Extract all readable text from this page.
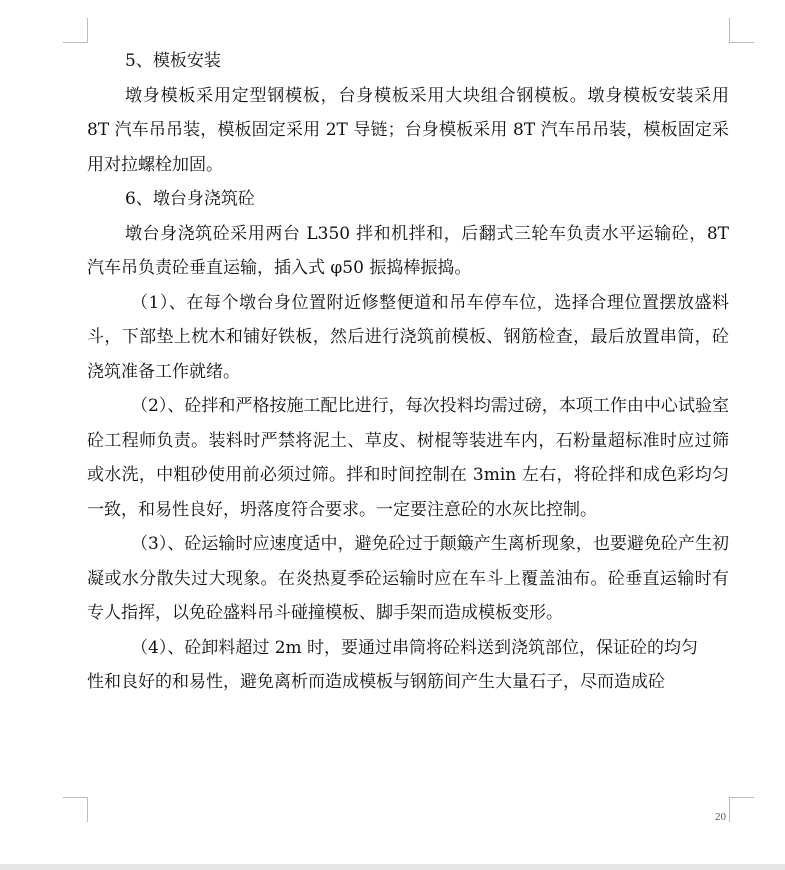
5、模板安装

墩身模板采用定型钢模板，台身模板采用大块组合钢模板。墩身模板安装采用 8T 汽车吊吊装，模板固定采用 2T 导链；台身模板采用 8T 汽车吊吊装，模板固定采用对拉螺栓加固。

6、墩台身浇筑砼

墩台身浇筑砼采用两台 L350 拌和机拌和，后翻式三轮车负责水平运输砼，8T 汽车吊负责砼垂直运输，插入式 φ50 振捣棒振捣。

（1）、在每个墩台身位置附近修整便道和吊车停车位，选择合理位置摆放盛料斗，下部垫上枕木和铺好铁板，然后进行浇筑前模板、钢筋检查，最后放置串筒，砼浇筑准备工作就绪。

（2）、砼拌和严格按施工配比进行，每次投料均需过磅，本项工作由中心试验室砼工程师负责。装料时严禁将泥土、草皮、树棍等装进车内，石粉量超标准时应过筛或水洗，中粗砂使用前必须过筛。拌和时间控制在 3min 左右，将砼拌和成色彩均匀一致，和易性良好，坍落度符合要求。一定要注意砼的水灰比控制。

（3）、砼运输时应速度适中，避免砼过于颠簸产生离析现象，也要避免砼产生初凝或水分散失过大现象。在炎热夏季砼运输时应在车斗上覆盖油布。砼垂直运输时有专人指挥，以免砼盛料吊斗碰撞模板、脚手架而造成模板变形。

（4）、砼卸料超过 2m 时，要通过串筒将砼料送到浇筑部位，保证砼的均匀

性和良好的和易性，避免离析而造成模板与钢筋间产生大量石子，尽而造成砼

20
